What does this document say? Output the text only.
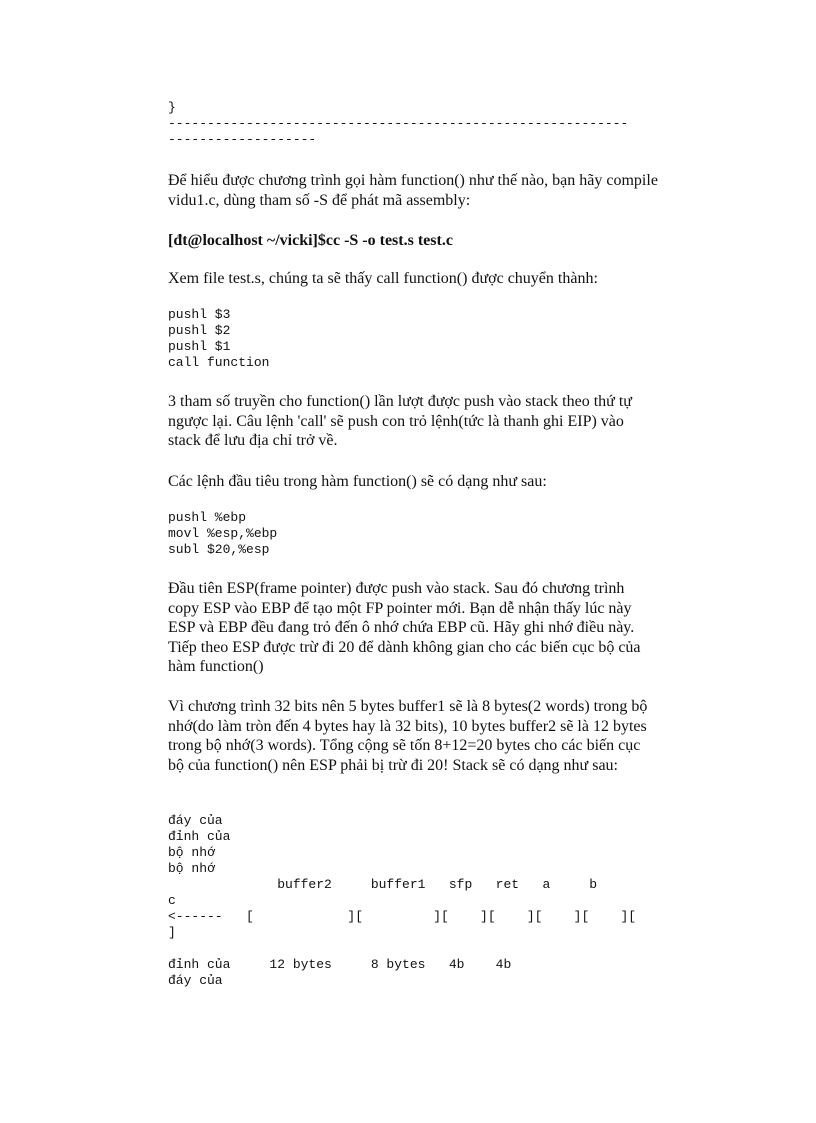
}
-----------------------------------------------------------
-------------------

Để hiểu được chương trình gọi hàm function() như thế nào, bạn hãy compile vidu1.c, dùng tham số -S để phát mã assembly:

[đt@localhost ~/vicki]$cc -S -o test.s test.c

Xem file test.s, chúng ta sẽ thấy call function() được chuyển thành:

pushl $3
pushl $2
pushl $1
call function

3 tham số truyền cho function() lần lượt được push vào stack theo thứ tự ngược lại. Câu lệnh 'call' sẽ push con trỏ lệnh(tức là thanh ghi EIP) vào stack để lưu địa chỉ trở về.

Các lệnh đầu tiêu trong hàm function() sẽ có dạng như sau:

pushl %ebp
movl %esp,%ebp
subl $20,%esp

Đầu tiên ESP(frame pointer) được push vào stack. Sau đó chương trình copy ESP vào EBP để tạo một FP pointer mới. Bạn dễ nhận thấy lúc này ESP và EBP đều đang trỏ đến ô nhớ chứa EBP cũ. Hãy ghi nhớ điều này. Tiếp theo ESP được trừ đi 20 để dành không gian cho các biến cục bộ của hàm function()

Vì chương trình 32 bits nên 5 bytes buffer1 sẽ là 8 bytes(2 words) trong bộ nhớ(do làm tròn đến 4 bytes hay là 32 bits), 10 bytes buffer2 sẽ là 12 bytes trong bộ nhớ(3 words). Tổng cộng sẽ tốn 8+12=20 bytes cho các biến cục bộ của function() nên ESP phải bị trừ đi 20! Stack sẽ có dạng như sau:

đáy của
đỉnh của
bộ nhớ
bộ nhớ
buffer2     buffer1   sfp   ret   a     b
c
<------   [            ][         ][    ][    ][    ][    ][
]
đỉnh của     12 bytes     8 bytes   4b    4b
đáy của
